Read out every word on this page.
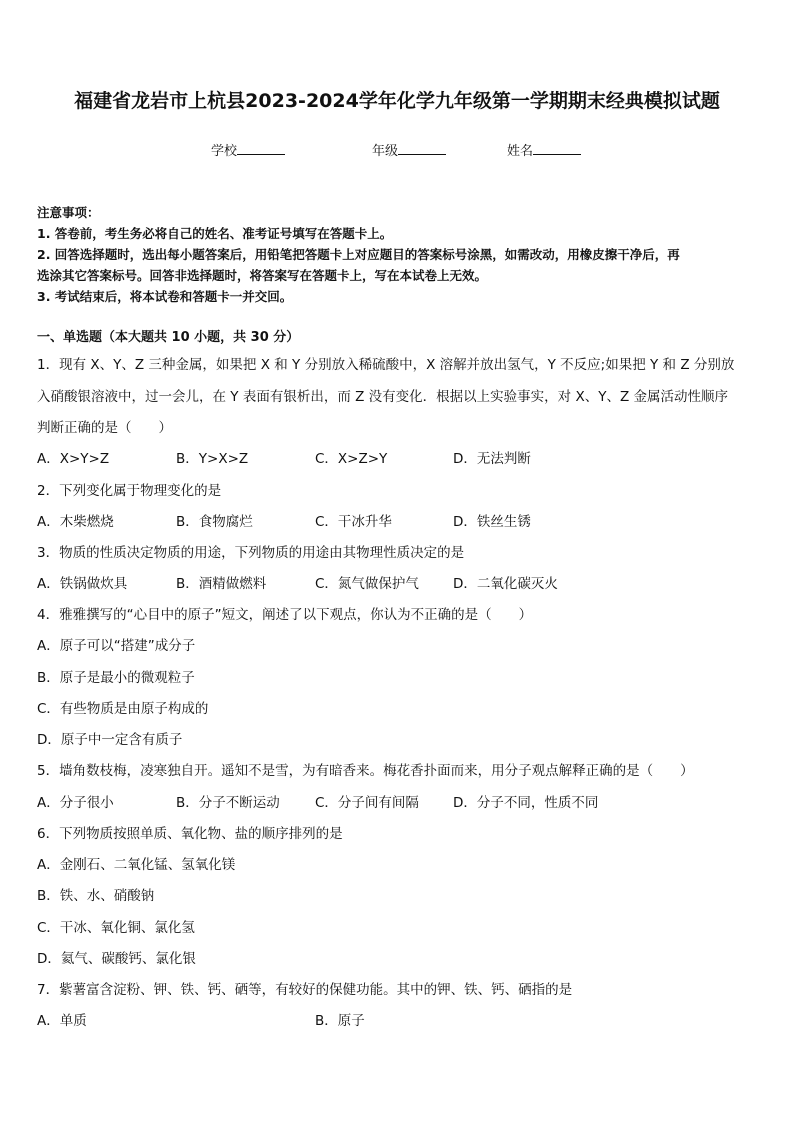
福建省龙岩市上杭县2023-2024学年化学九年级第一学期期末经典模拟试题
学校	年级	姓名
注意事项：
1. 答卷前，考生务必将自己的姓名、准考证号填写在答题卡上。
2. 回答选择题时，选出每小题答案后，用铅笔把答题卡上对应题目的答案标号涂黑，如需改动，用橡皮擦干净后，再
选涂其它答案标号。回答非选择题时，将答案写在答题卡上，写在本试卷上无效。
3. 考试结束后，将本试卷和答题卡一并交回。
一、单选题（本大题共 10 小题，共 30 分）
1．现有 X、Y、Z 三种金属，如果把 X 和 Y 分别放入稀硫酸中，X 溶解并放出氢气，Y 不反应;如果把 Y 和 Z 分别放
入硝酸银溶液中，过一会儿，在 Y 表面有银析出，而 Z 没有变化．根据以上实验事实，对 X、Y、Z 金属活动性顺序
判断正确的是（　　）
A．X>Y>Z	B．Y>X>Z	C．X>Z>Y	D．无法判断
2．下列变化属于物理变化的是
A．木柴燃烧	B．食物腐烂	C．干冰升华	D．铁丝生锈
3．物质的性质决定物质的用途，下列物质的用途由其物理性质决定的是
A．铁锅做炊具	B．酒精做燃料	C．氮气做保护气	D．二氧化碳灭火
4．雅雅撰写的“心目中的原子”短文，阐述了以下观点，你认为不正确的是（　　）
A．原子可以“搭建”成分子
B．原子是最小的微观粒子
C．有些物质是由原子构成的
D．原子中一定含有质子
5．墙角数枝梅，凌寒独自开。遥知不是雪，为有暗香来。梅花香扑面而来，用分子观点解释正确的是（　　）
A．分子很小	B．分子不断运动	C．分子间有间隔	D．分子不同，性质不同
6．下列物质按照单质、氧化物、盐的顺序排列的是
A．金刚石、二氧化锰、氢氧化镁
B．铁、水、硝酸钠
C．干冰、氧化铜、氯化氢
D．氦气、碳酸钙、氯化银
7．紫薯富含淀粉、钾、铁、钙、硒等，有较好的保健功能。其中的钾、铁、钙、硒指的是
A．单质	B．原子
